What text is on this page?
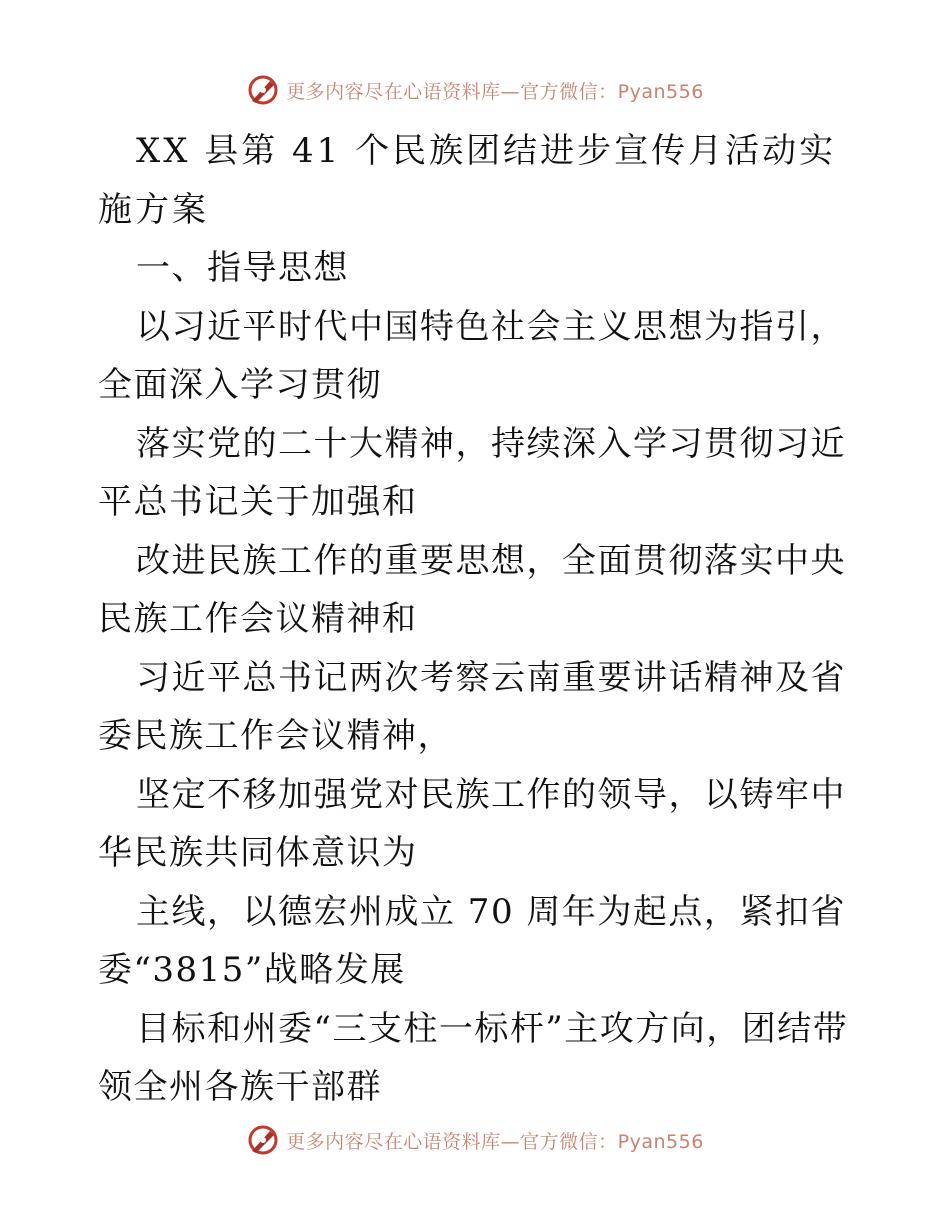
更多内容尽在心语资料库—官方微信：Pyan556

XX 县第 41 个民族团结进步宣传月活动实施方案

一、指导思想

以习近平时代中国特色社会主义思想为指引，全面深入学习贯彻

落实党的二十大精神，持续深入学习贯彻习近平总书记关于加强和

改进民族工作的重要思想，全面贯彻落实中央民族工作会议精神和

习近平总书记两次考察云南重要讲话精神及省委民族工作会议精神，

坚定不移加强党对民族工作的领导，以铸牢中华民族共同体意识为

主线，以德宏州成立 70 周年为起点，紧扣省委“3815”战略发展

目标和州委“三支柱一标杆”主攻方向，团结带领全州各族干部群

更多内容尽在心语资料库—官方微信：Pyan556
